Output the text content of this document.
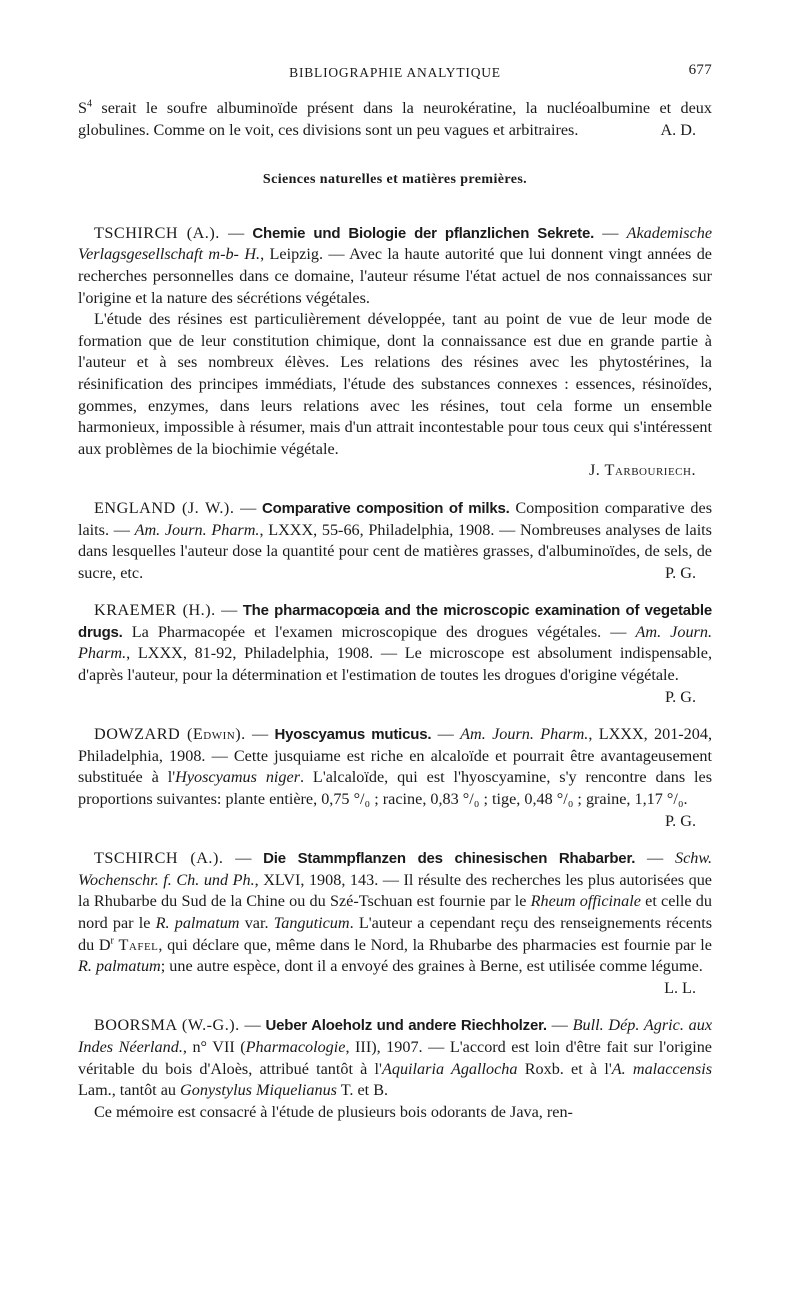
BIBLIOGRAPHIE ANALYTIQUE	677

$S^4$ serait le soufre albuminoïde présent dans la neurokératine, la nucléoalbumine et deux globulines. Comme on le voit, ces divisions sont un peu vagues et arbitraires.	A. D.

Sciences naturelles et matières premières.

TSCHIRCH (A.). — Chemie und Biologie der pflanzlichen Sekrete. — Akademische Verlagsgesellschaft m-b- H., Leipzig. — Avec la haute autorité que lui donnent vingt années de recherches personnelles dans ce domaine, l'auteur résume l'état actuel de nos connaissances sur l'origine et la nature des sécrétions végétales.

L'étude des résines est particulièrement développée, tant au point de vue de leur mode de formation que de leur constitution chimique, dont la connaissance est due en grande partie à l'auteur et à ses nombreux élèves. Les relations des résines avec les phytostérines, la résinification des principes immédiats, l'étude des substances connexes : essences, résinoïdes, gommes, enzymes, dans leurs relations avec les résines, tout cela forme un ensemble harmonieux, impossible à résumer, mais d'un attrait incontestable pour tous ceux qui s'intéressent aux problèmes de la biochimie végétale.

J. Tarbouriech.

ENGLAND (J. W.). — Comparative composition of milks. Composition comparative des laits. — Am. Journ. Pharm., LXXX, 55-66, Philadelphia, 1908. — Nombreuses analyses de laits dans lesquelles l'auteur dose la quantité pour cent de matières grasses, d'albuminoïdes, de sels, de sucre, etc.	P. G.

KRAEMER (H.). — The pharmacopœia and the microscopic examination of vegetable drugs. La Pharmacopée et l'examen microscopique des drogues végétales. — Am. Journ. Pharm., LXXX, 81-92, Philadelphia, 1908. — Le microscope est absolument indispensable, d'après l'auteur, pour la détermination et l'estimation de toutes les drogues d'origine végétale.
P. G.

DOWZARD (Edwin). — Hyoscyamus muticus. — Am. Journ. Pharm., LXXX, 201-204, Philadelphia, 1908. — Cette jusquiame est riche en alcaloïde et pourrait être avantageusement substituée à l'Hyoscyamus niger. L'alcaloïde, qui est l'hyoscyamine, s'y rencontre dans les proportions suivantes: plante entière, 0,75 °/₀ ; racine, 0,83 °/₀ ; tige, 0,48 °/₀ ; graine, 1,17 °/₀.

P. G.

TSCHIRCH (A.). — Die Stammpflanzen des chinesischen Rhabarber. — Schw. Wochenschr. f. Ch. und Ph., XLVI, 1908, 143. — Il résulte des recherches les plus autorisées que la Rhubarbe du Sud de la Chine ou du Szé-Tschuan est fournie par le Rheum officinale et celle du nord par le R. palmatum var. Tanguticum. L'auteur a cependant reçu des renseignements récents du $D^r$ Tafel, qui déclare que, même dans le Nord, la Rhubarbe des pharmacies est fournie par le R. palmatum; une autre espèce, dont il a envoyé des graines à Berne, est utilisée comme légume.
L. L.

BOORSMA (W.-G.). — Ueber Aloeholz und andere Riechholzer. — Bull. Dép. Agric. aux Indes Néerland., n° VII (Pharmacologie, III), 1907. — L'accord est loin d'être fait sur l'origine véritable du bois d'Aloès, attribué tantôt à l'Aquilaria Agallocha Roxb. et à l'A. malaccensis Lam., tantôt au Gonystylus Miquelianus T. et B.

Ce mémoire est consacré à l'étude de plusieurs bois odorants de Java, ren-
